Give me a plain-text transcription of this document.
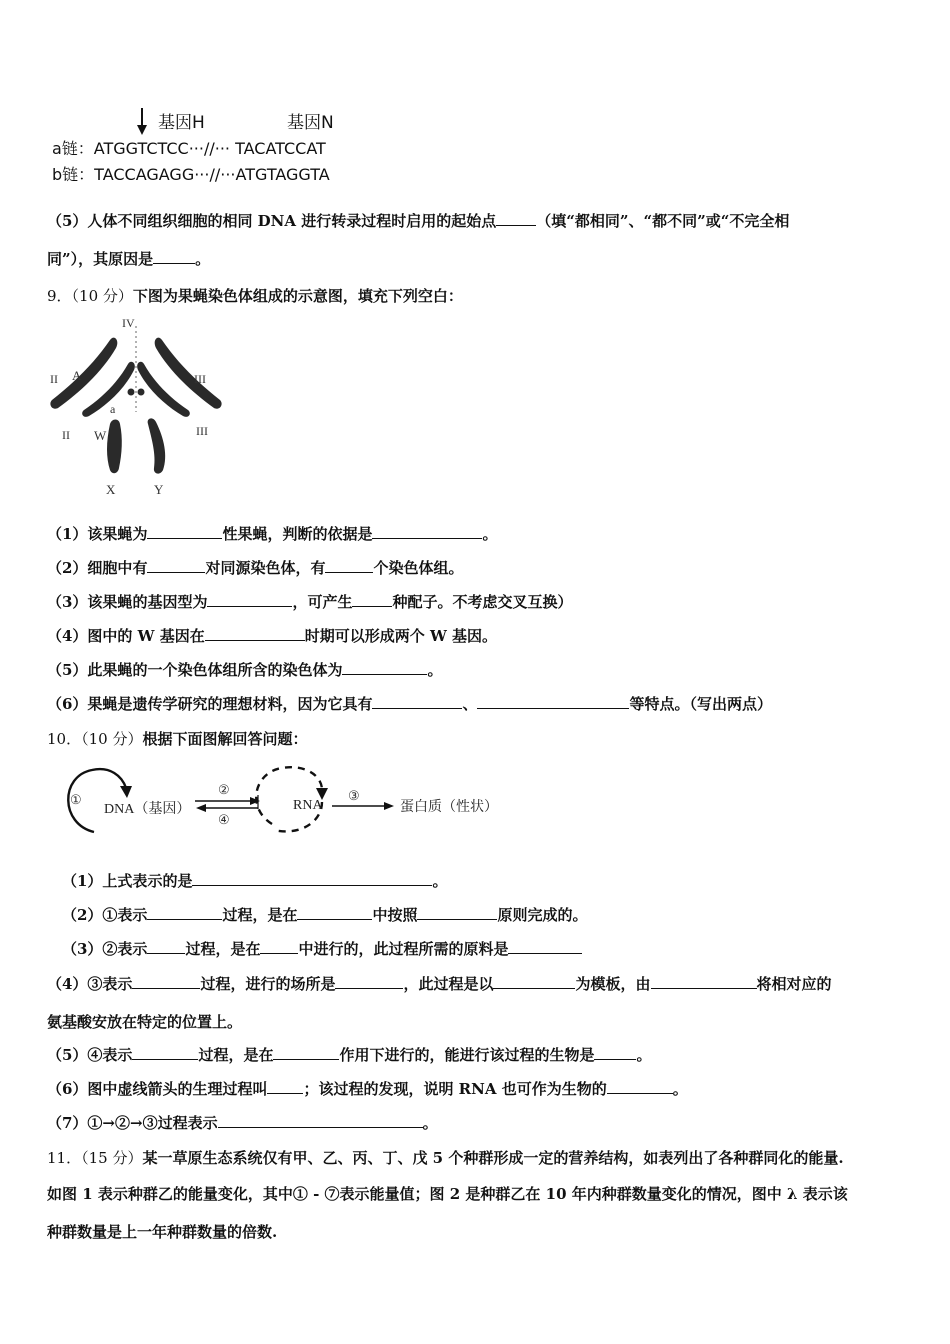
基因H	基因N
a链：ATGGTCTCC···//··· TACATCCAT
b链：TACCAGAGG···//···ATGTAGGTA
（5）人体不同组织细胞的相同 DNA 进行转录过程时启用的起始点	（填“都相同”、“都不同”或“不完全相
同”），其原因是	。
9．（10 分）下图为果蝇染色体组成的示意图，填充下列空白：
IV
II	III
A
a
II	III
W
X	Y
（1）该果蝇为	性果蝇，判断的依据是	。
（2）细胞中有	对同源染色体，有	个染色体组。
（3）该果蝇的基因型为	，可产生	种配子。不考虑交叉互换）
（4）图中的 W 基因在	时期可以形成两个 W 基因。
（5）此果蝇的一个染色体组所含的染色体为	。
（6）果蝇是遗传学研究的理想材料，因为它具有	、	等特点。（写出两点）
10．（10 分）根据下面图解回答问题：
①
DNA（基因）
②
④
RNA
③
蛋白质（性状）
（1）上式表示的是	。
（2）①表示	过程，是在	中按照	原则完成的。
（3）②表示	过程，是在	中进行的，此过程所需的原料是
（4）③表示	过程，进行的场所是	，此过程是以	为模板，由	将相对应的
氨基酸安放在特定的位置上。
（5）④表示	过程，是在	作用下进行的，能进行该过程的生物是	。
（6）图中虚线箭头的生理过程叫 ；该过程的发现，说明 RNA 也可作为生物的	。
（7）①→②→③过程表示	。
11．（15 分）某一草原生态系统仅有甲、乙、丙、丁、戊 5 个种群形成一定的营养结构，如表列出了各种群同化的能量.
如图 1 表示种群乙的能量变化，其中① - ⑦表示能量值；图 2 是种群乙在 10 年内种群数量变化的情况，图中 λ 表示该
种群数量是上一年种群数量的倍数.
